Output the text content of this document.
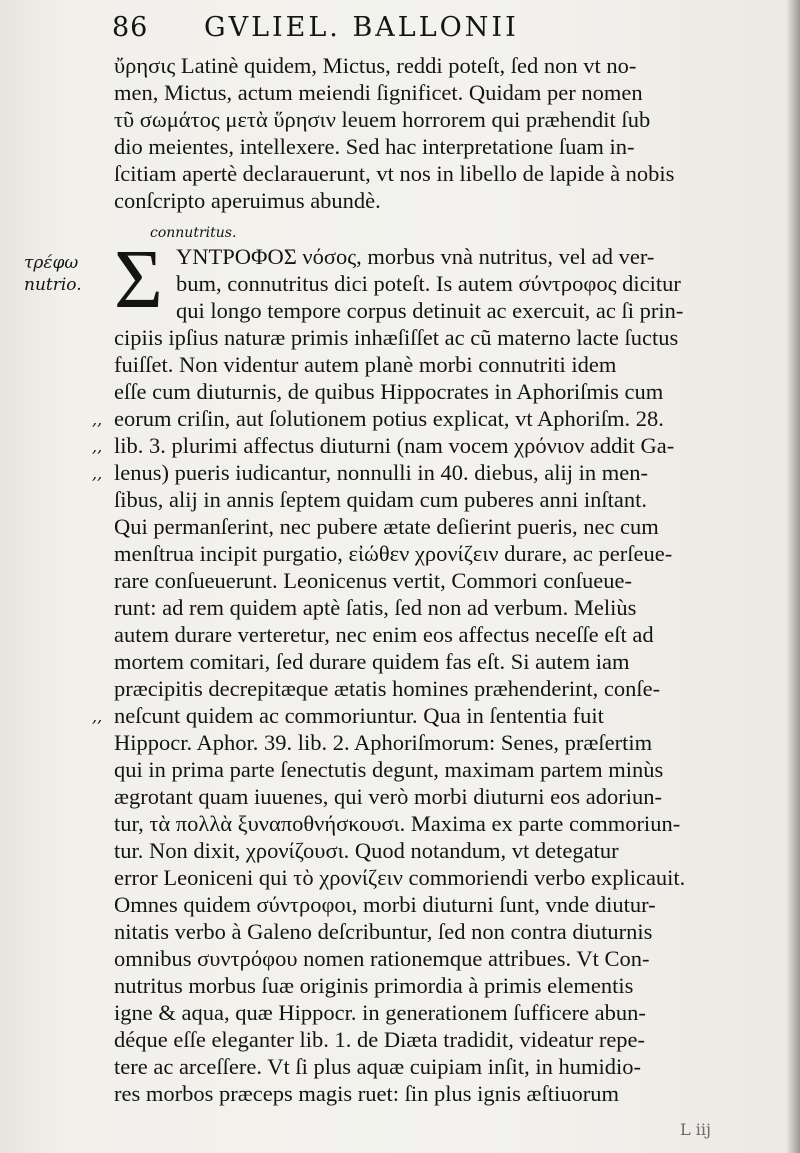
86 GVLIEL. BALLONII
ὔρησις Latinè quidem, Mictus, reddi poteſt, ſed non vt no-
men, Mictus, actum meiendi ſignificet. Quidam per nomen
τῦ σωμάτος μετὰ ὕρησιν leuem horrorem qui præhendit ſub
dio meientes, intellexere. Sed hac interpretatione ſuam in-
ſcitiam apertè declarauerunt, vt nos in libello de lapide à nobis
conſcripto aperuimus abundè.
connutritus.
τρέφω
nutrio. Σ ΥΝΤΡΟΦΟΣ νόσος, morbus vnà nutritus, vel ad ver-
bum, connutritus dici poteſt. Is autem σύντροφος dicitur
qui longo tempore corpus detinuit ac exercuit, ac ſi prin-
cipiis ipſius naturæ primis inhæſiſſet ac cũ materno lacte ſuctus
fuiſſet. Non videntur autem planè morbi connutriti idem
eſſe cum diuturnis, de quibus Hippocrates in Aphoriſmis cum
eorum criſin, aut ſolutionem potius explicat, vt Aphoriſm. 28.
lib. 3. plurimi affectus diuturni (nam vocem χρόνιον addit Ga-
lenus) pueris iudicantur, nonnulli in 40. diebus, alij in men-
ſibus, alij in annis ſeptem quidam cum puberes anni inſtant.
Qui permanſerint, nec pubere ætate deſierint pueris, nec cum
menſtrua incipit purgatio, εἰώθεν χρονίζειν durare, ac perſeue-
rare conſueuerunt. Leonicenus vertit, Commori conſueue-
runt: ad rem quidem aptè ſatis, ſed non ad verbum. Meliùs
autem durare verteretur, nec enim eos affectus neceſſe eſt ad
mortem comitari, ſed durare quidem fas eſt. Si autem iam
præcipitis decrepitæque ætatis homines præhenderint, conſe-
neſcunt quidem ac commoriuntur. Qua in ſententia fuit
Hippocr. Aphor. 39. lib. 2. Aphoriſmorum: Senes, præſertim
qui in prima parte ſenectutis degunt, maximam partem minùs
ægrotant quam iuuenes, qui verò morbi diuturni eos adoriun-
tur, τὰ πολλὰ ξυναποθνήσκουσι. Maxima ex parte commoriun-
tur. Non dixit, χρονίζουσι. Quod notandum, vt detegatur
error Leoniceni qui τὸ χρονίζειν commoriendi verbo explicauit.
Omnes quidem σύντροφοι, morbi diuturni ſunt, vnde diutur-
nitatis verbo à Galeno deſcribuntur, ſed non contra diuturnis
omnibus συντρόφου nomen rationemque attribues. Vt Con-
nutritus morbus ſuæ originis primordia à primis elementis
igne & aqua, quæ Hippocr. in generationem ſufficere abun-
déque eſſe eleganter lib. 1. de Diæta tradidit, videatur repe-
tere ac arceſſere. Vt ſi plus aquæ cuipiam inſit, in humidio-
res morbos præceps magis ruet: ſin plus ignis æſtiuorum
,,
,,
,,
,,
L iij
